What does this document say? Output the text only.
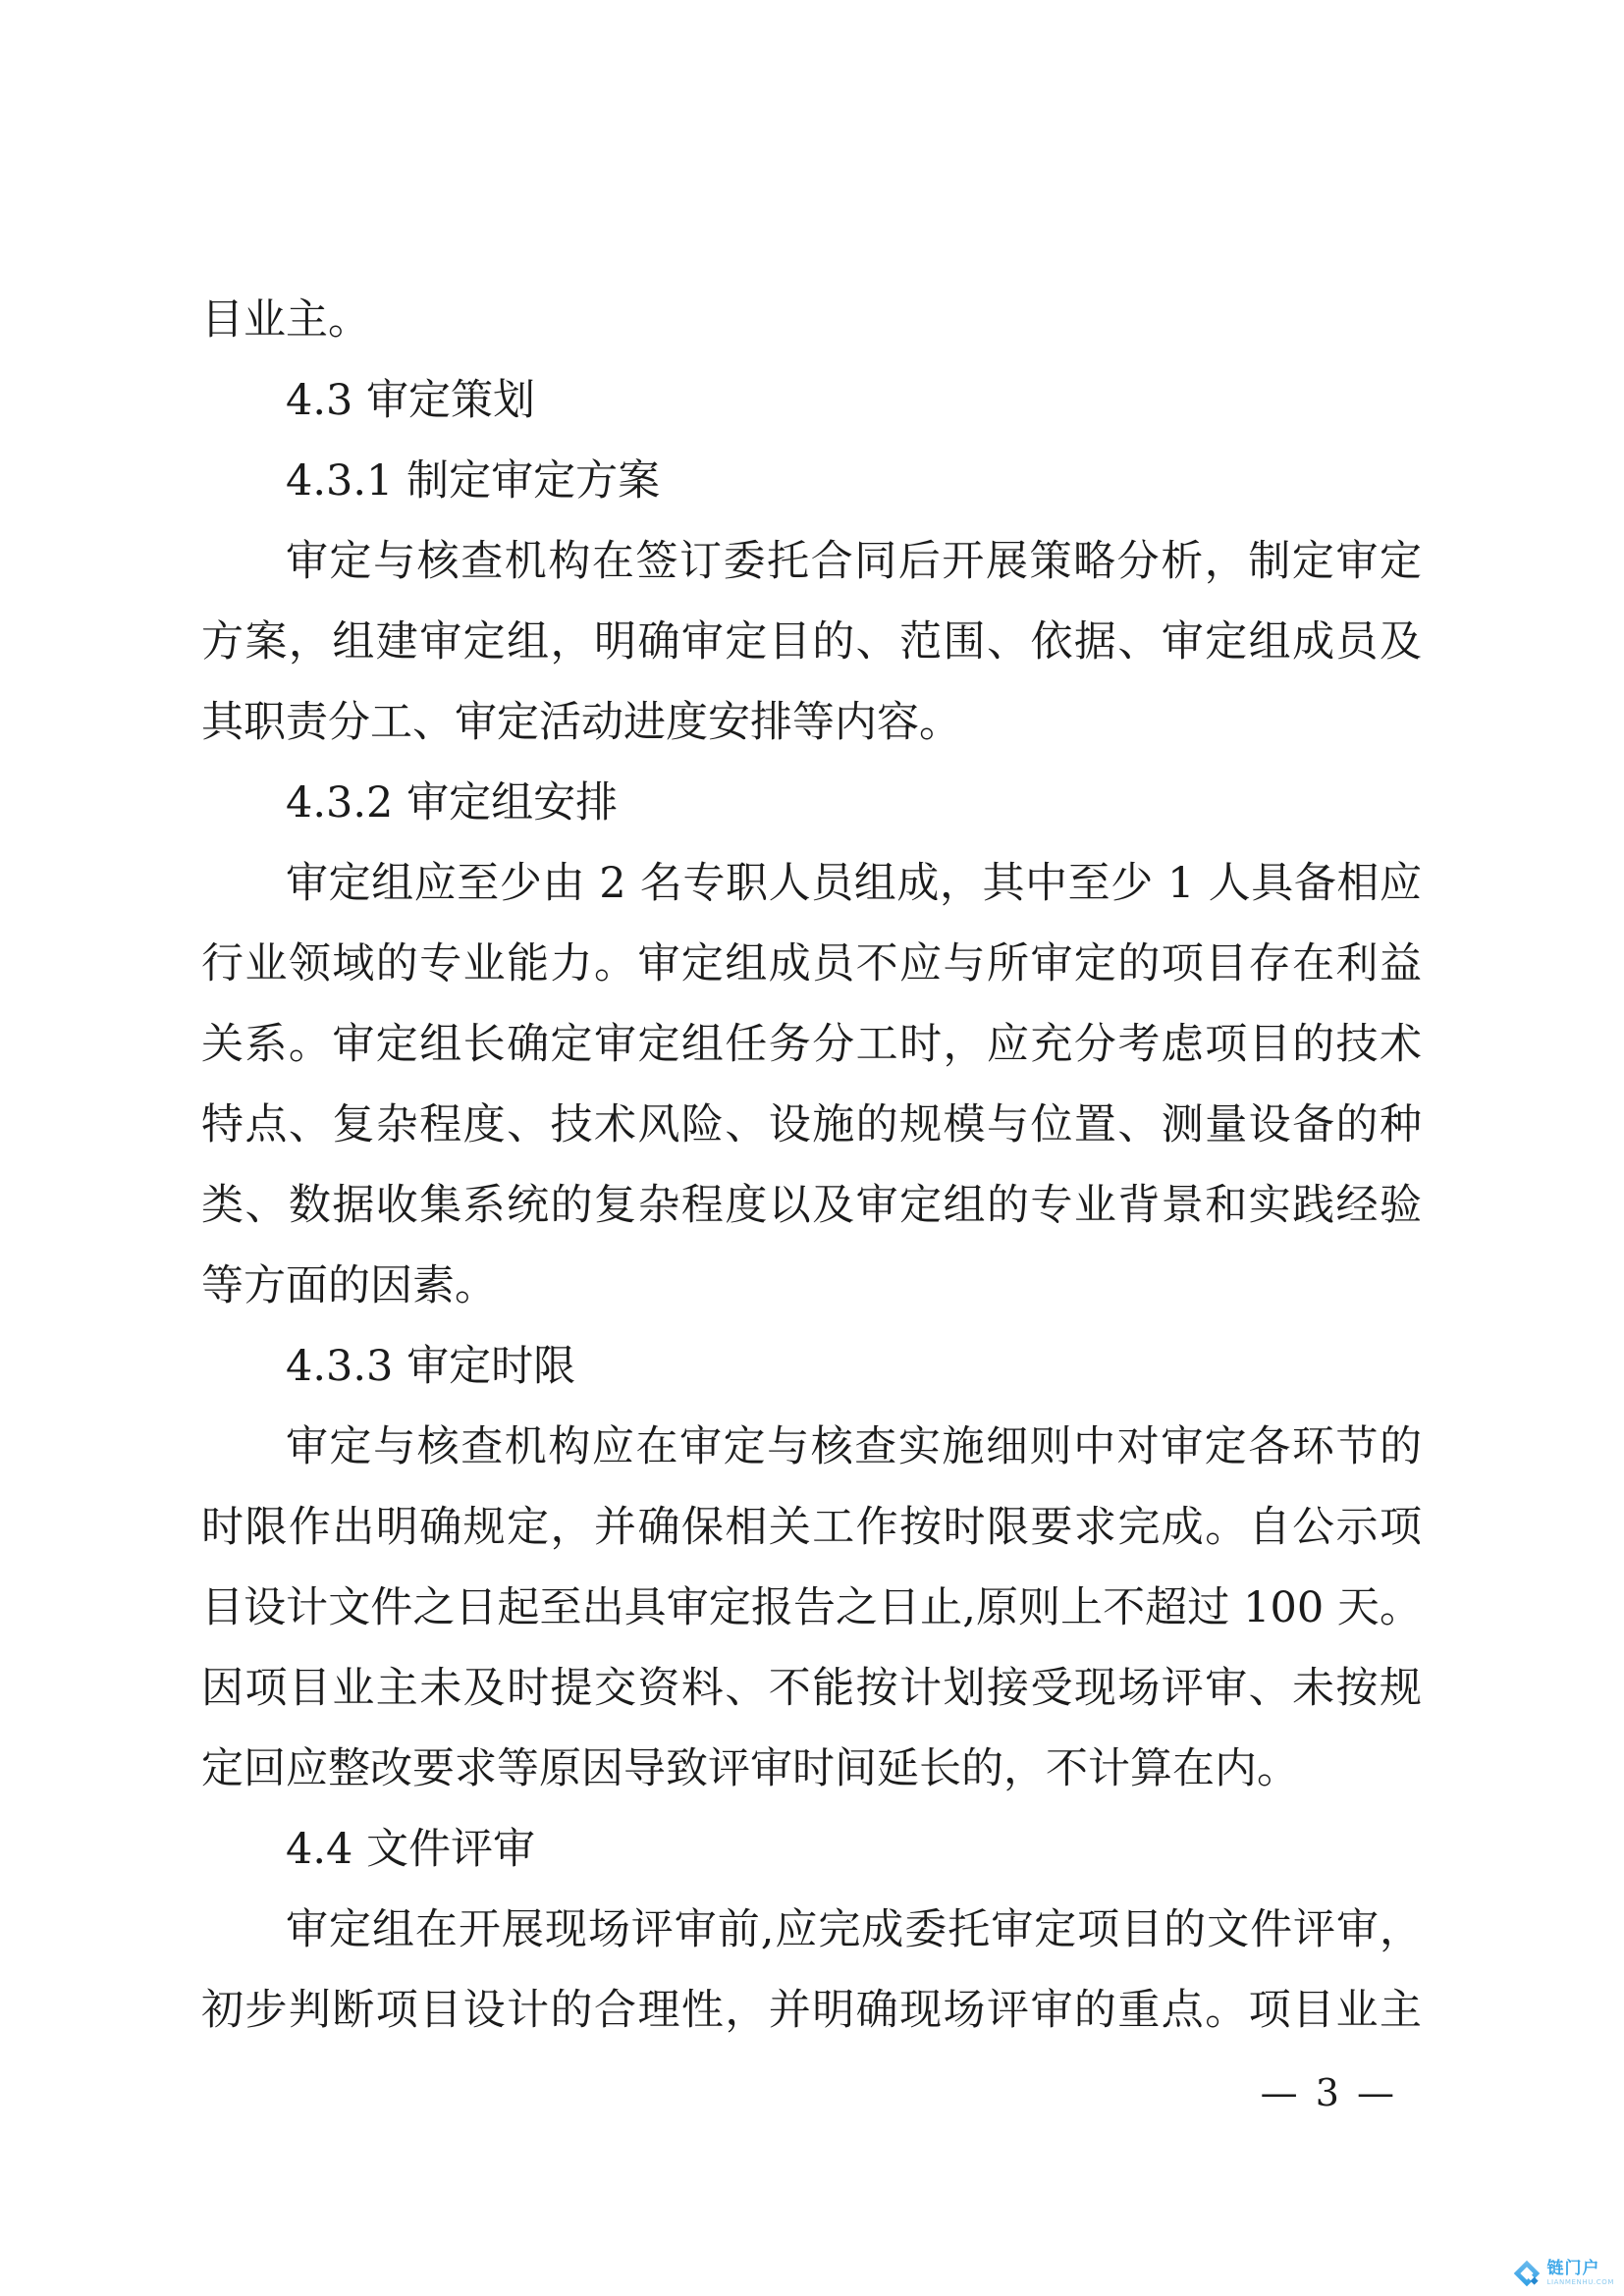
目业主。
4.3 审定策划
4.3.1 制定审定方案
审定与核查机构在签订委托合同后开展策略分析，制定审定
方案，组建审定组，明确审定目的、范围、依据、审定组成员及
其职责分工、审定活动进度安排等内容。
4.3.2 审定组安排
审定组应至少由 2 名专职人员组成，其中至少 1 人具备相应
行业领域的专业能力。审定组成员不应与所审定的项目存在利益
关系。审定组长确定审定组任务分工时，应充分考虑项目的技术
特点、复杂程度、技术风险、设施的规模与位置、测量设备的种
类、数据收集系统的复杂程度以及审定组的专业背景和实践经验
等方面的因素。
4.3.3 审定时限
审定与核查机构应在审定与核查实施细则中对审定各环节的
时限作出明确规定，并确保相关工作按时限要求完成。自公示项
目设计文件之日起至出具审定报告之日止,原则上不超过 100 天。
因项目业主未及时提交资料、不能按计划接受现场评审、未按规
定回应整改要求等原因导致评审时间延长的，不计算在内。
4.4 文件评审
审定组在开展现场评审前,应完成委托审定项目的文件评审，
初步判断项目设计的合理性，并明确现场评审的重点。项目业主
— 3 —
链门户
LIANMENHU.COM
